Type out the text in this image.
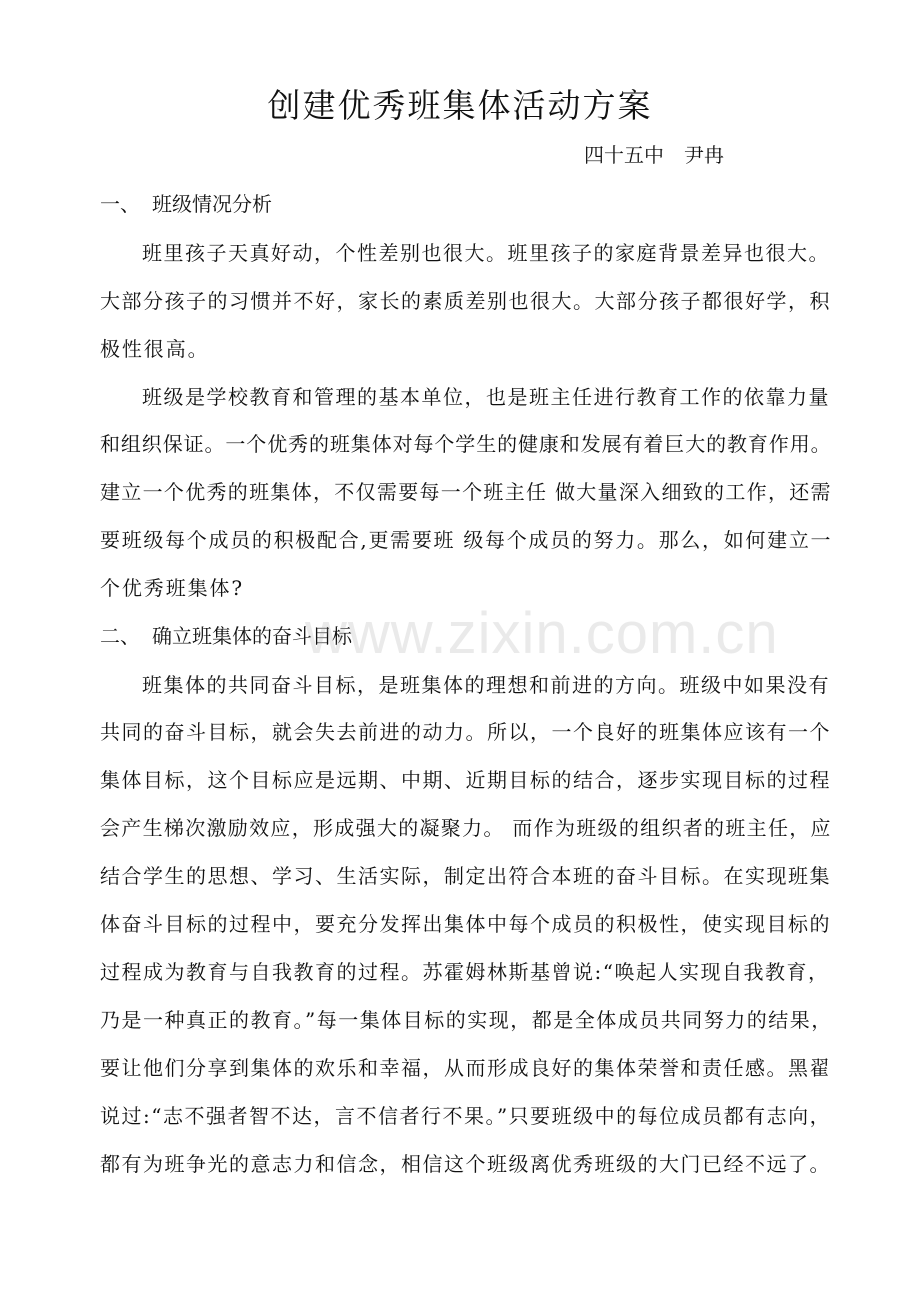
创建优秀班集体活动方案
四十五中　尹冉
一、 班级情况分析
班里孩子天真好动，个性差别也很大。班里孩子的家庭背景差异也很大。
大部分孩子的习惯并不好，家长的素质差别也很大。大部分孩子都很好学，积
极性很高。
班级是学校教育和管理的基本单位，也是班主任进行教育工作的依靠力量
和组织保证。一个优秀的班集体对每个学生的健康和发展有着巨大的教育作用。
建立一个优秀的班集体，不仅需要每一个班主任 做大量深入细致的工作，还需
要班级每个成员的积极配合,更需要班 级每个成员的努力。那么，如何建立一
个优秀班集体?
二、 确立班集体的奋斗目标
班集体的共同奋斗目标，是班集体的理想和前进的方向。班级中如果没有
共同的奋斗目标，就会失去前进的动力。所以，一个良好的班集体应该有一个
集体目标，这个目标应是远期、中期、近期目标的结合，逐步实现目标的过程
会产生梯次激励效应，形成强大的凝聚力。 而作为班级的组织者的班主任，应
结合学生的思想、学习、生活实际，制定出符合本班的奋斗目标。在实现班集
体奋斗目标的过程中，要充分发挥出集体中每个成员的积极性，使实现目标的
过程成为教育与自我教育的过程。苏霍姆林斯基曾说:“唤起人实现自我教育，
乃是一种真正的教育。”每一集体目标的实现，都是全体成员共同努力的结果，
要让他们分享到集体的欢乐和幸福，从而形成良好的集体荣誉和责任感。黑翟
说过:“志不强者智不达，言不信者行不果。”只要班级中的每位成员都有志向，
都有为班争光的意志力和信念，相信这个班级离优秀班级的大门已经不远了。
www.zixin.com.cn
